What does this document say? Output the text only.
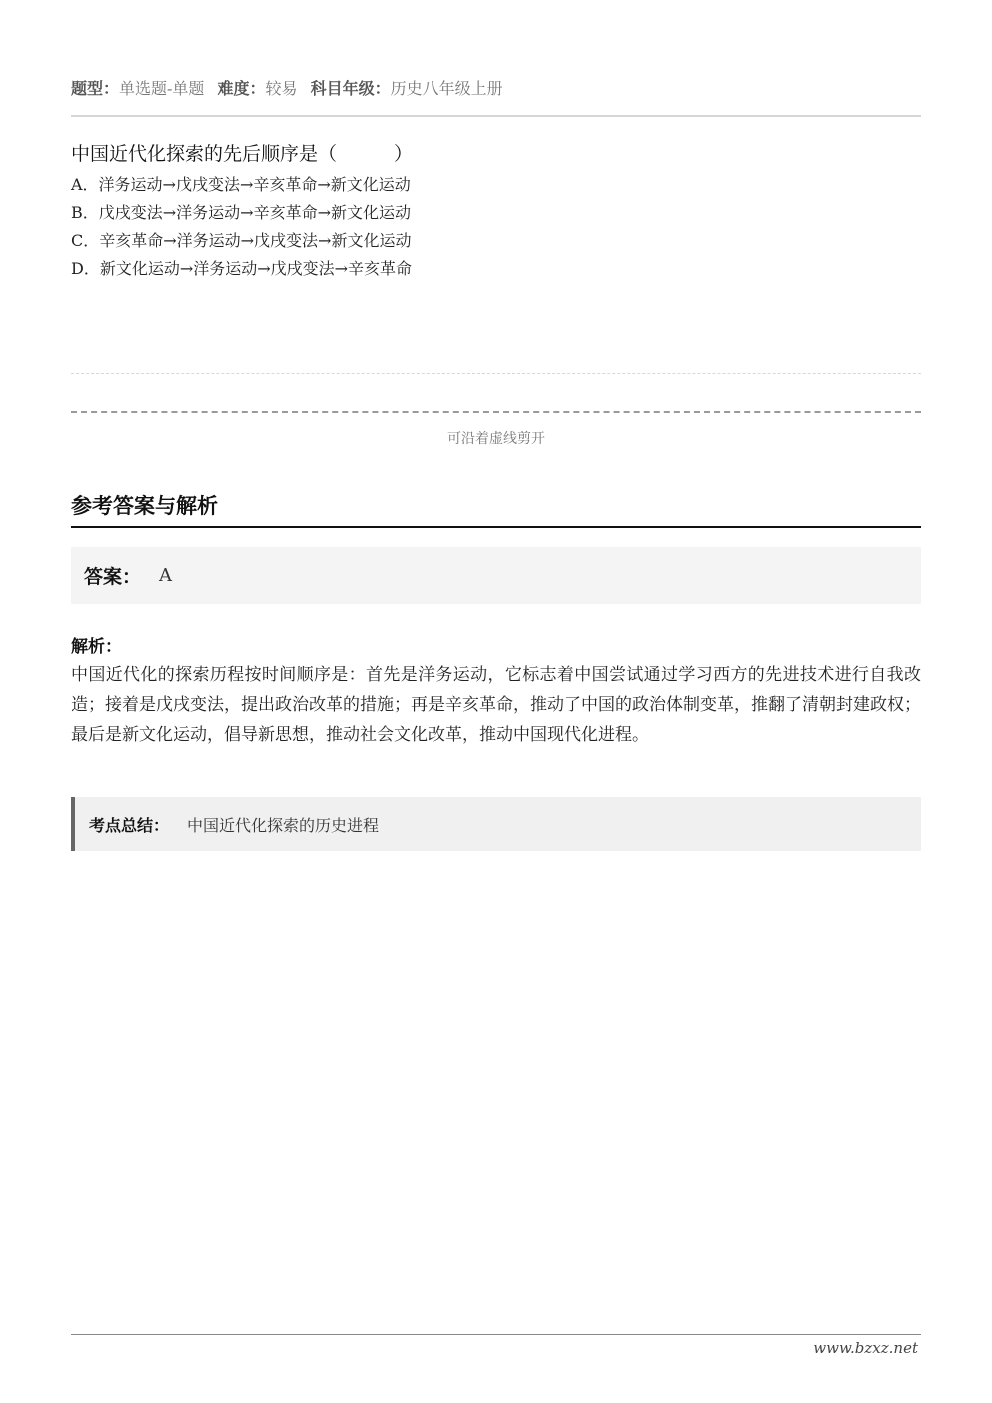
题型：单选题-单题 难度：较易 科目年级：历史八年级上册

中国近代化探索的先后顺序是（　　　）

A．洋务运动→戊戌变法→辛亥革命→新文化运动

B．戊戌变法→洋务运动→辛亥革命→新文化运动

C．辛亥革命→洋务运动→戊戌变法→新文化运动

D．新文化运动→洋务运动→戊戌变法→辛亥革命

可沿着虚线剪开
参考答案与解析
答案： A
解析：
中国近代化的探索历程按时间顺序是：首先是洋务运动，它标志着中国尝试通过学习西方的先进技术进行自我改造；接着是戊戌变法，提出政治改革的措施；再是辛亥革命，推动了中国的政治体制变革，推翻了清朝封建政权；最后是新文化运动，倡导新思想，推动社会文化改革，推动中国现代化进程。
考点总结： 中国近代化探索的历史进程
www.bzxz.net
